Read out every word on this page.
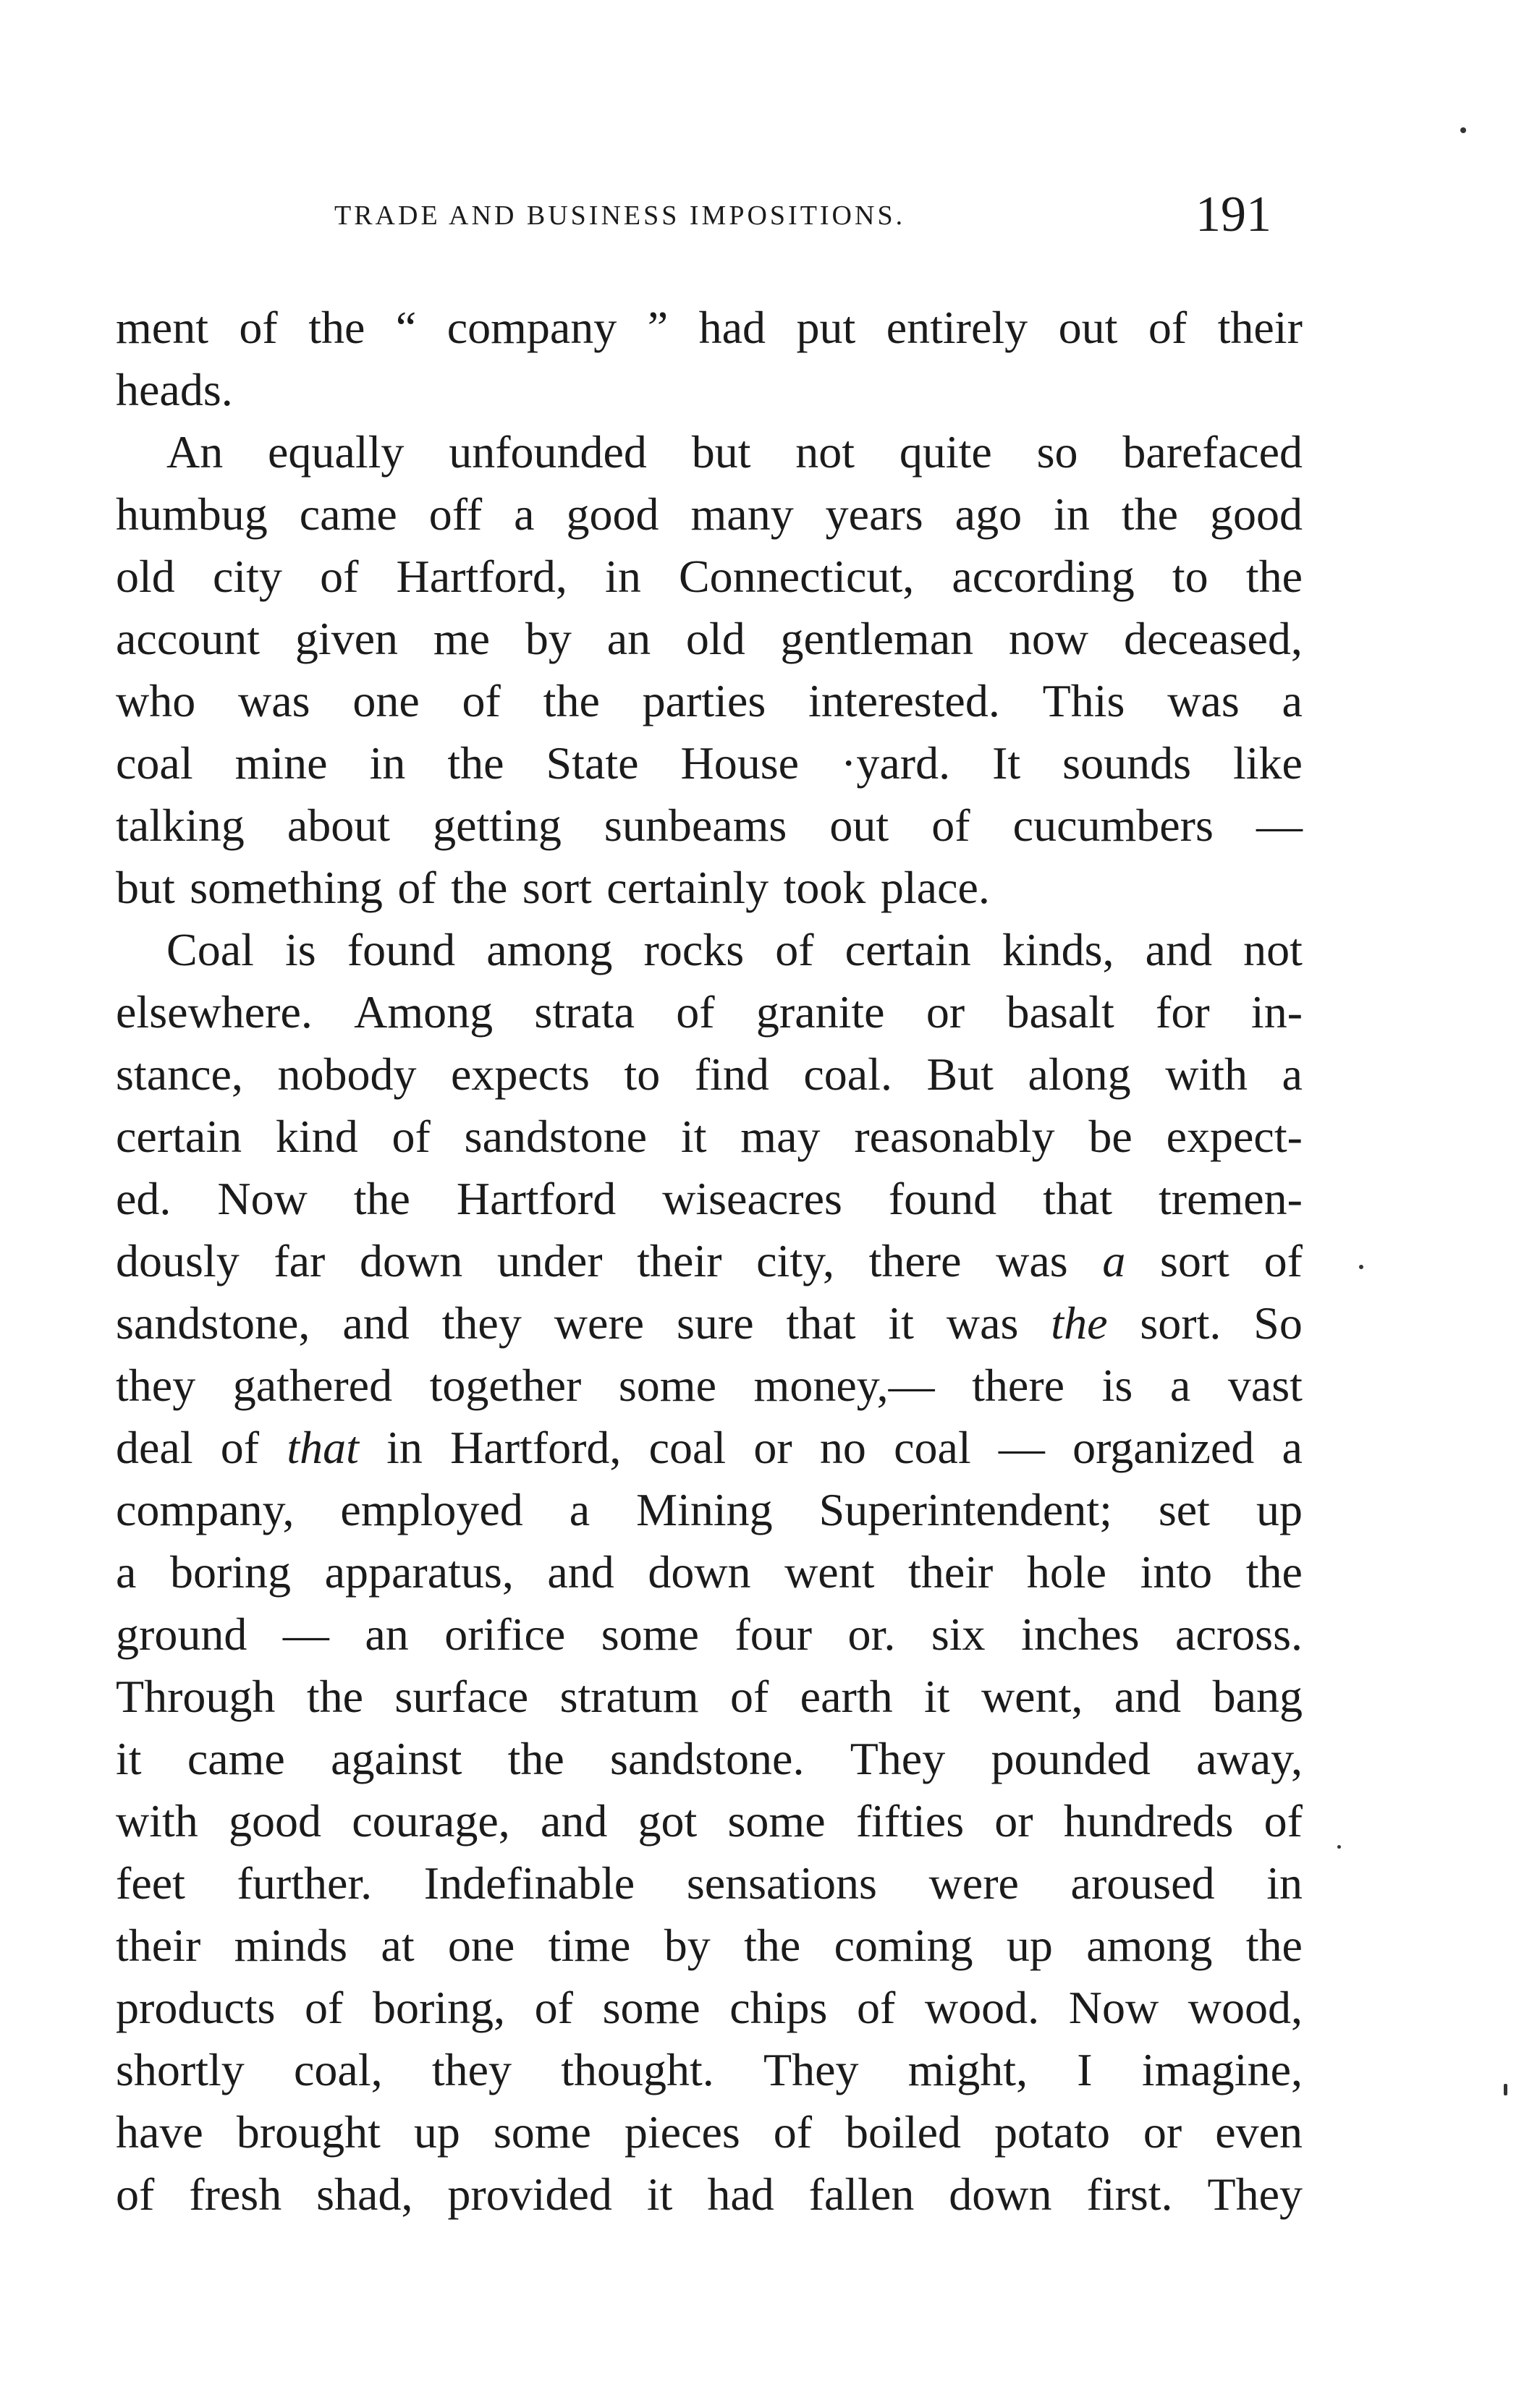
TRADE AND BUSINESS IMPOSITIONS.	191
ment of the “ company ” had put entirely out of their
heads.
An equally unfounded but not quite so barefaced
humbug came off a good many years ago in the good
old city of Hartford, in Connecticut, according to the
account given me by an old gentleman now deceased,
who was one of the parties interested. This was a
coal mine in the State House ·yard. It sounds like
talking about getting sunbeams out of cucumbers —
but something of the sort certainly took place.
Coal is found among rocks of certain kinds, and not
elsewhere. Among strata of granite or basalt for in-
stance, nobody expects to find coal. But along with a
certain kind of sandstone it may reasonably be expect-
ed. Now the Hartford wiseacres found that tremen-
dously far down under their city, there was a sort of
sandstone, and they were sure that it was the sort. So
they gathered together some money,— there is a vast
deal of that in Hartford, coal or no coal — organized a
company, employed a Mining Superintendent; set up
a boring apparatus, and down went their hole into the
ground — an orifice some four or. six inches across.
Through the surface stratum of earth it went, and bang
it came against the sandstone. They pounded away,
with good courage, and got some fifties or hundreds of
feet further. Indefinable sensations were aroused in
their minds at one time by the coming up among the
products of boring, of some chips of wood. Now wood,
shortly coal, they thought. They might, I imagine,
have brought up some pieces of boiled potato or even
of fresh shad, provided it had fallen down first. They
